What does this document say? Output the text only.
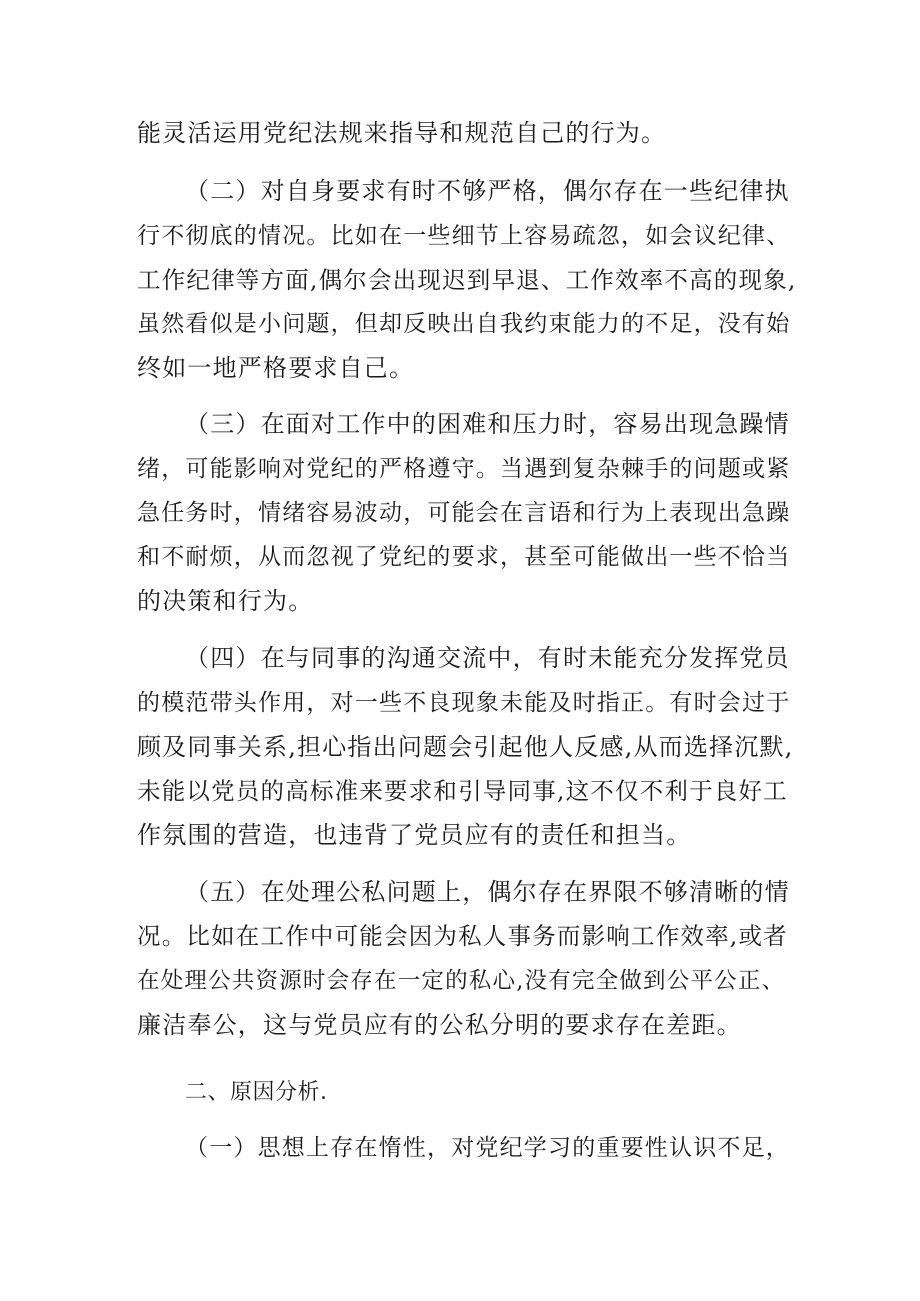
能灵活运用党纪法规来指导和规范自己的行为。
（二）对自身要求有时不够严格，偶尔存在一些纪律执
行不彻底的情况。比如在一些细节上容易疏忽，如会议纪律、
工作纪律等方面,偶尔会出现迟到早退、工作效率不高的现象,
虽然看似是小问题，但却反映出自我约束能力的不足，没有始
终如一地严格要求自己。
（三）在面对工作中的困难和压力时，容易出现急躁情
绪，可能影响对党纪的严格遵守。当遇到复杂棘手的问题或紧
急任务时，情绪容易波动，可能会在言语和行为上表现出急躁
和不耐烦，从而忽视了党纪的要求，甚至可能做出一些不恰当
的决策和行为。
（四）在与同事的沟通交流中，有时未能充分发挥党员
的模范带头作用，对一些不良现象未能及时指正。有时会过于
顾及同事关系,担心指出问题会引起他人反感,从而选择沉默,
未能以党员的高标准来要求和引导同事,这不仅不利于良好工
作氛围的营造，也违背了党员应有的责任和担当。
（五）在处理公私问题上，偶尔存在界限不够清晰的情
况。比如在工作中可能会因为私人事务而影响工作效率,或者
在处理公共资源时会存在一定的私心,没有完全做到公平公正、
廉洁奉公，这与党员应有的公私分明的要求存在差距。
二、原因分析.
（一）思想上存在惰性，对党纪学习的重要性认识不足，
